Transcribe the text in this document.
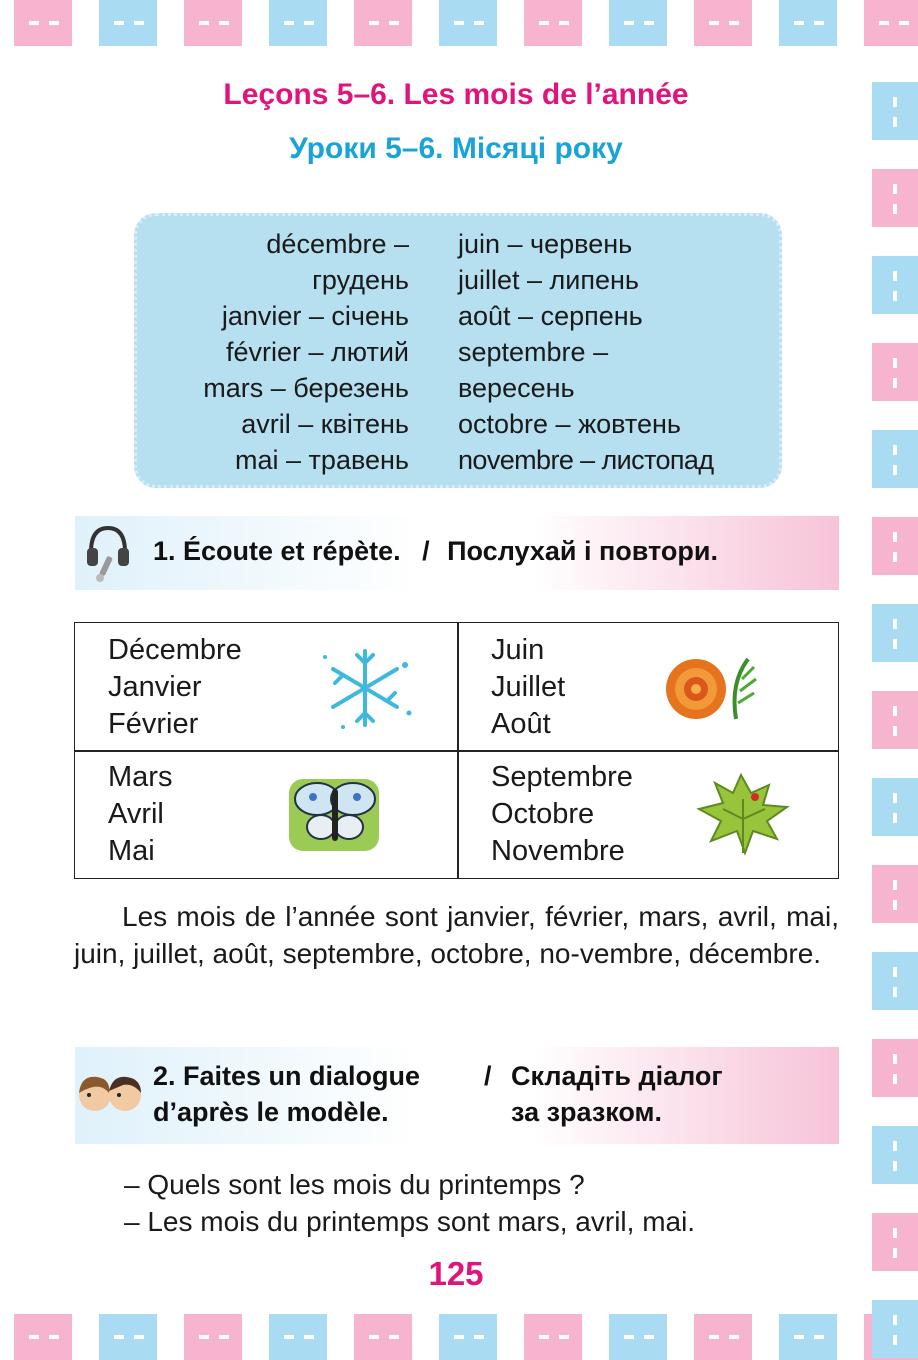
Leçons 5–6. Les mois de l’année
Уроки 5–6. Місяці року
décembre –
грудень
janvier – січень
février – лютий
mars – березень
avril – квітень
mai – травень
juin – червень
juillet – липень
août – серпень
septembre –
вересень
octobre – жовтень
novembre – листопад
1. Écoute et répète. / Послухай і повтори.
Décembre
Janvier
Février
Juin
Juillet
Août
Mars
Avril
Mai
Septembre
Octobre
Novembre
Les mois de l’année sont janvier, février, mars, avril, mai, juin, juillet, août, septembre, octobre, no-vembre, décembre.
2. Faites un dialogue / Складіть діалог
d’après le modèle.	за зразком.
– Quels sont les mois du printemps ?
– Les mois du printemps sont mars, avril, mai.
125
